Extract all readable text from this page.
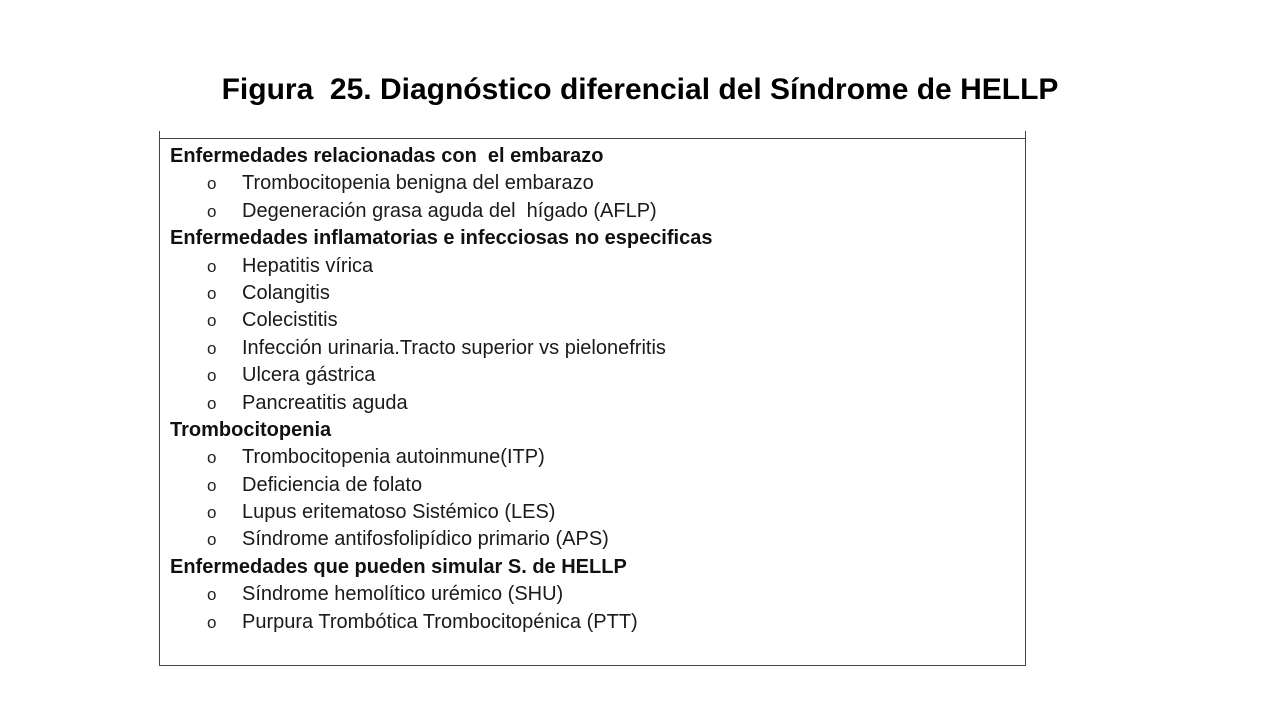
Figura  25. Diagnóstico diferencial del Síndrome de HELLP
Enfermedades relacionadas con  el embarazo

o

Trombocitopenia benigna del embarazo

o

Degeneración grasa aguda del  hígado (AFLP)

Enfermedades inflamatorias e infecciosas no especificas

o

Hepatitis vírica

o

Colangitis

o

Colecistitis

o

Infección urinaria.Tracto superior vs pielonefritis

o

Ulcera gástrica

o

Pancreatitis aguda

Trombocitopenia

o

Trombocitopenia autoinmune(ITP)

o

Deficiencia de folato

o

Lupus eritematoso Sistémico (LES)

o

Síndrome antifosfolipídico primario (APS)

Enfermedades que pueden simular S. de HELLP

o

Síndrome hemolítico urémico (SHU)

o

Purpura Trombótica Trombocitopénica (PTT)
